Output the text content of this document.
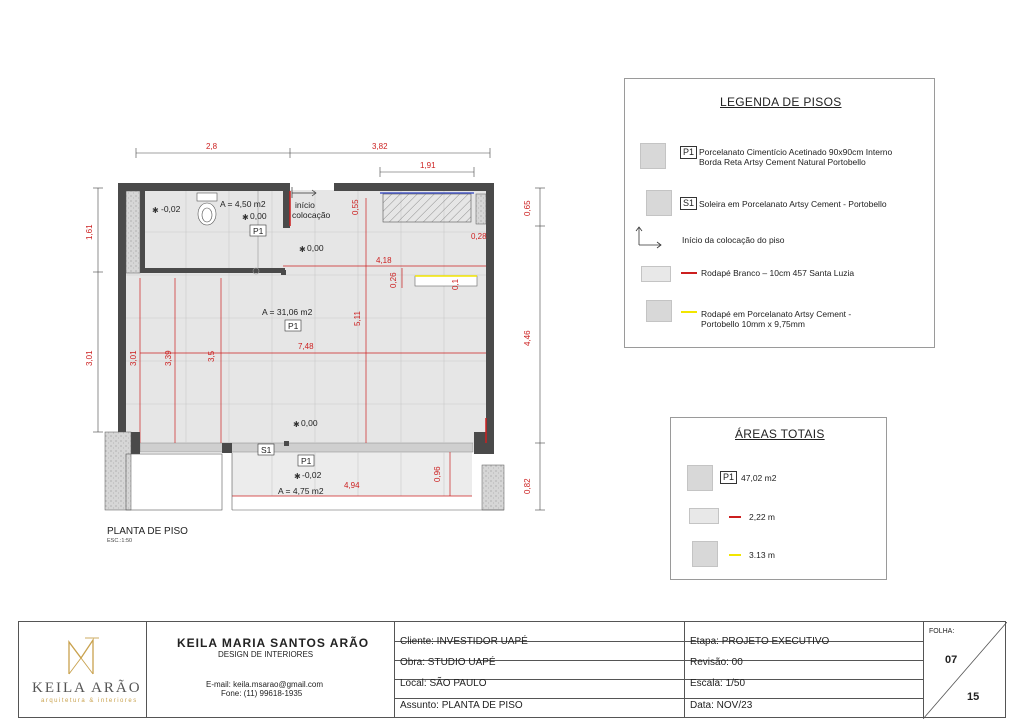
2,8	3,82
1,91
0,65
4,46
0,82
1,61
3,01	3,01	3,39	3,5
5,11
7,48
4,18
0,26	0,1
0,28
0,55
4,94
0,96
A = 4,50 m2
A = 31,06 m2
A = 4,75 m2
-0,02
0,00
0,00
0,00
-0,02
início
colocação
✱
✱
✱
✱
✱
P1
P1
S1
P1
PLANTA DE PISO
ESC.:1:50
LEGENDA DE PISOS
P1 Porcelanato Cimentício Acetinado 90x90cm Interno
Borda Reta Artsy Cement Natural Portobello
S1 Soleira em Porcelanato Artsy Cement - Portobello
Início da colocação do piso
Rodapé Branco – 10cm 457 Santa Luzia
Rodapé em Porcelanato Artsy Cement -
Portobello 10mm x 9,75mm
ÁREAS TOTAIS
P1 47,02 m2
2,22 m
3.13 m
KEILA ARÃO
arquitetura & interiores
KEILA MARIA SANTOS ARÃO
DESIGN DE INTERIORES
E-mail: keila.msarao@gmail.com
Fone: (11) 99618-1935
Cliente: INVESTIDOR UAPÉ
Obra: STUDIO UAPÉ
Local: SÃO PAULO
Assunto: PLANTA DE PISO
Etapa: PROJETO EXECUTIVO
Revisão: 00
Escala: 1/50
Data: NOV/23
FOLHA:
07
15
